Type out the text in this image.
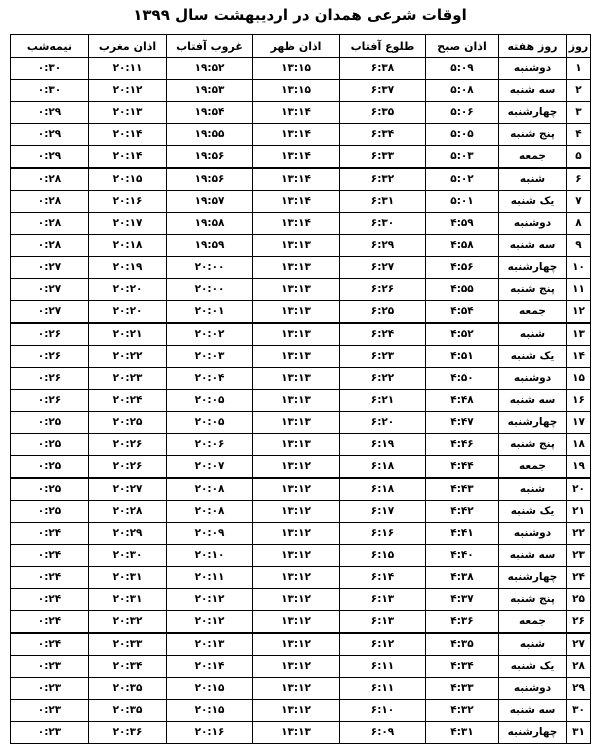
اوقات شرعی همدان در اردیبهشت سال ۱۳۹۹
روز	روز هفته	اذان صبح	طلوع آفتاب	اذان ظهر	غروب آفتاب	اذان مغرب	نیمه‌شب
۱	دوشنبه	۵:۰۹	۶:۳۸	۱۳:۱۵	۱۹:۵۲	۲۰:۱۱	۰:۳۰
۲	سه شنبه	۵:۰۸	۶:۳۷	۱۳:۱۵	۱۹:۵۳	۲۰:۱۲	۰:۳۰
۳	چهارشنبه	۵:۰۶	۶:۳۵	۱۳:۱۴	۱۹:۵۴	۲۰:۱۳	۰:۲۹
۴	پنج شنبه	۵:۰۵	۶:۳۴	۱۳:۱۴	۱۹:۵۵	۲۰:۱۴	۰:۲۹
۵	جمعه	۵:۰۳	۶:۳۳	۱۳:۱۴	۱۹:۵۶	۲۰:۱۴	۰:۲۹
۶	شنبه	۵:۰۲	۶:۳۲	۱۳:۱۴	۱۹:۵۶	۲۰:۱۵	۰:۲۸
۷	یک شنبه	۵:۰۱	۶:۳۱	۱۳:۱۴	۱۹:۵۷	۲۰:۱۶	۰:۲۸
۸	دوشنبه	۴:۵۹	۶:۳۰	۱۳:۱۴	۱۹:۵۸	۲۰:۱۷	۰:۲۸
۹	سه شنبه	۴:۵۸	۶:۲۹	۱۳:۱۳	۱۹:۵۹	۲۰:۱۸	۰:۲۸
۱۰	چهارشنبه	۴:۵۶	۶:۲۷	۱۳:۱۳	۲۰:۰۰	۲۰:۱۹	۰:۲۷
۱۱	پنج شنبه	۴:۵۵	۶:۲۶	۱۳:۱۳	۲۰:۰۰	۲۰:۲۰	۰:۲۷
۱۲	جمعه	۴:۵۴	۶:۲۵	۱۳:۱۳	۲۰:۰۱	۲۰:۲۰	۰:۲۷
۱۳	شنبه	۴:۵۲	۶:۲۴	۱۳:۱۳	۲۰:۰۲	۲۰:۲۱	۰:۲۶
۱۴	یک شنبه	۴:۵۱	۶:۲۳	۱۳:۱۳	۲۰:۰۳	۲۰:۲۲	۰:۲۶
۱۵	دوشنبه	۴:۵۰	۶:۲۲	۱۳:۱۳	۲۰:۰۴	۲۰:۲۳	۰:۲۶
۱۶	سه شنبه	۴:۴۸	۶:۲۱	۱۳:۱۳	۲۰:۰۵	۲۰:۲۴	۰:۲۶
۱۷	چهارشنبه	۴:۴۷	۶:۲۰	۱۳:۱۳	۲۰:۰۵	۲۰:۲۵	۰:۲۵
۱۸	پنج شنبه	۴:۴۶	۶:۱۹	۱۳:۱۳	۲۰:۰۶	۲۰:۲۶	۰:۲۵
۱۹	جمعه	۴:۴۴	۶:۱۸	۱۳:۱۲	۲۰:۰۷	۲۰:۲۶	۰:۲۵
۲۰	شنبه	۴:۴۳	۶:۱۸	۱۳:۱۲	۲۰:۰۸	۲۰:۲۷	۰:۲۵
۲۱	یک شنبه	۴:۴۲	۶:۱۷	۱۳:۱۲	۲۰:۰۸	۲۰:۲۸	۰:۲۵
۲۲	دوشنبه	۴:۴۱	۶:۱۶	۱۳:۱۲	۲۰:۰۹	۲۰:۲۹	۰:۲۴
۲۳	سه شنبه	۴:۴۰	۶:۱۵	۱۳:۱۲	۲۰:۱۰	۲۰:۳۰	۰:۲۴
۲۴	چهارشنبه	۴:۳۸	۶:۱۴	۱۳:۱۲	۲۰:۱۱	۲۰:۳۱	۰:۲۴
۲۵	پنج شنبه	۴:۳۷	۶:۱۳	۱۳:۱۲	۲۰:۱۲	۲۰:۳۱	۰:۲۴
۲۶	جمعه	۴:۳۶	۶:۱۳	۱۳:۱۲	۲۰:۱۲	۲۰:۳۲	۰:۲۴
۲۷	شنبه	۴:۳۵	۶:۱۲	۱۳:۱۲	۲۰:۱۳	۲۰:۳۳	۰:۲۴
۲۸	یک شنبه	۴:۳۴	۶:۱۱	۱۳:۱۲	۲۰:۱۴	۲۰:۳۴	۰:۲۳
۲۹	دوشنبه	۴:۳۳	۶:۱۱	۱۳:۱۲	۲۰:۱۵	۲۰:۳۵	۰:۲۳
۳۰	سه شنبه	۴:۳۲	۶:۱۰	۱۳:۱۲	۲۰:۱۵	۲۰:۳۵	۰:۲۳
۳۱	چهارشنبه	۴:۳۱	۶:۰۹	۱۳:۱۳	۲۰:۱۶	۲۰:۳۶	۰:۲۳
